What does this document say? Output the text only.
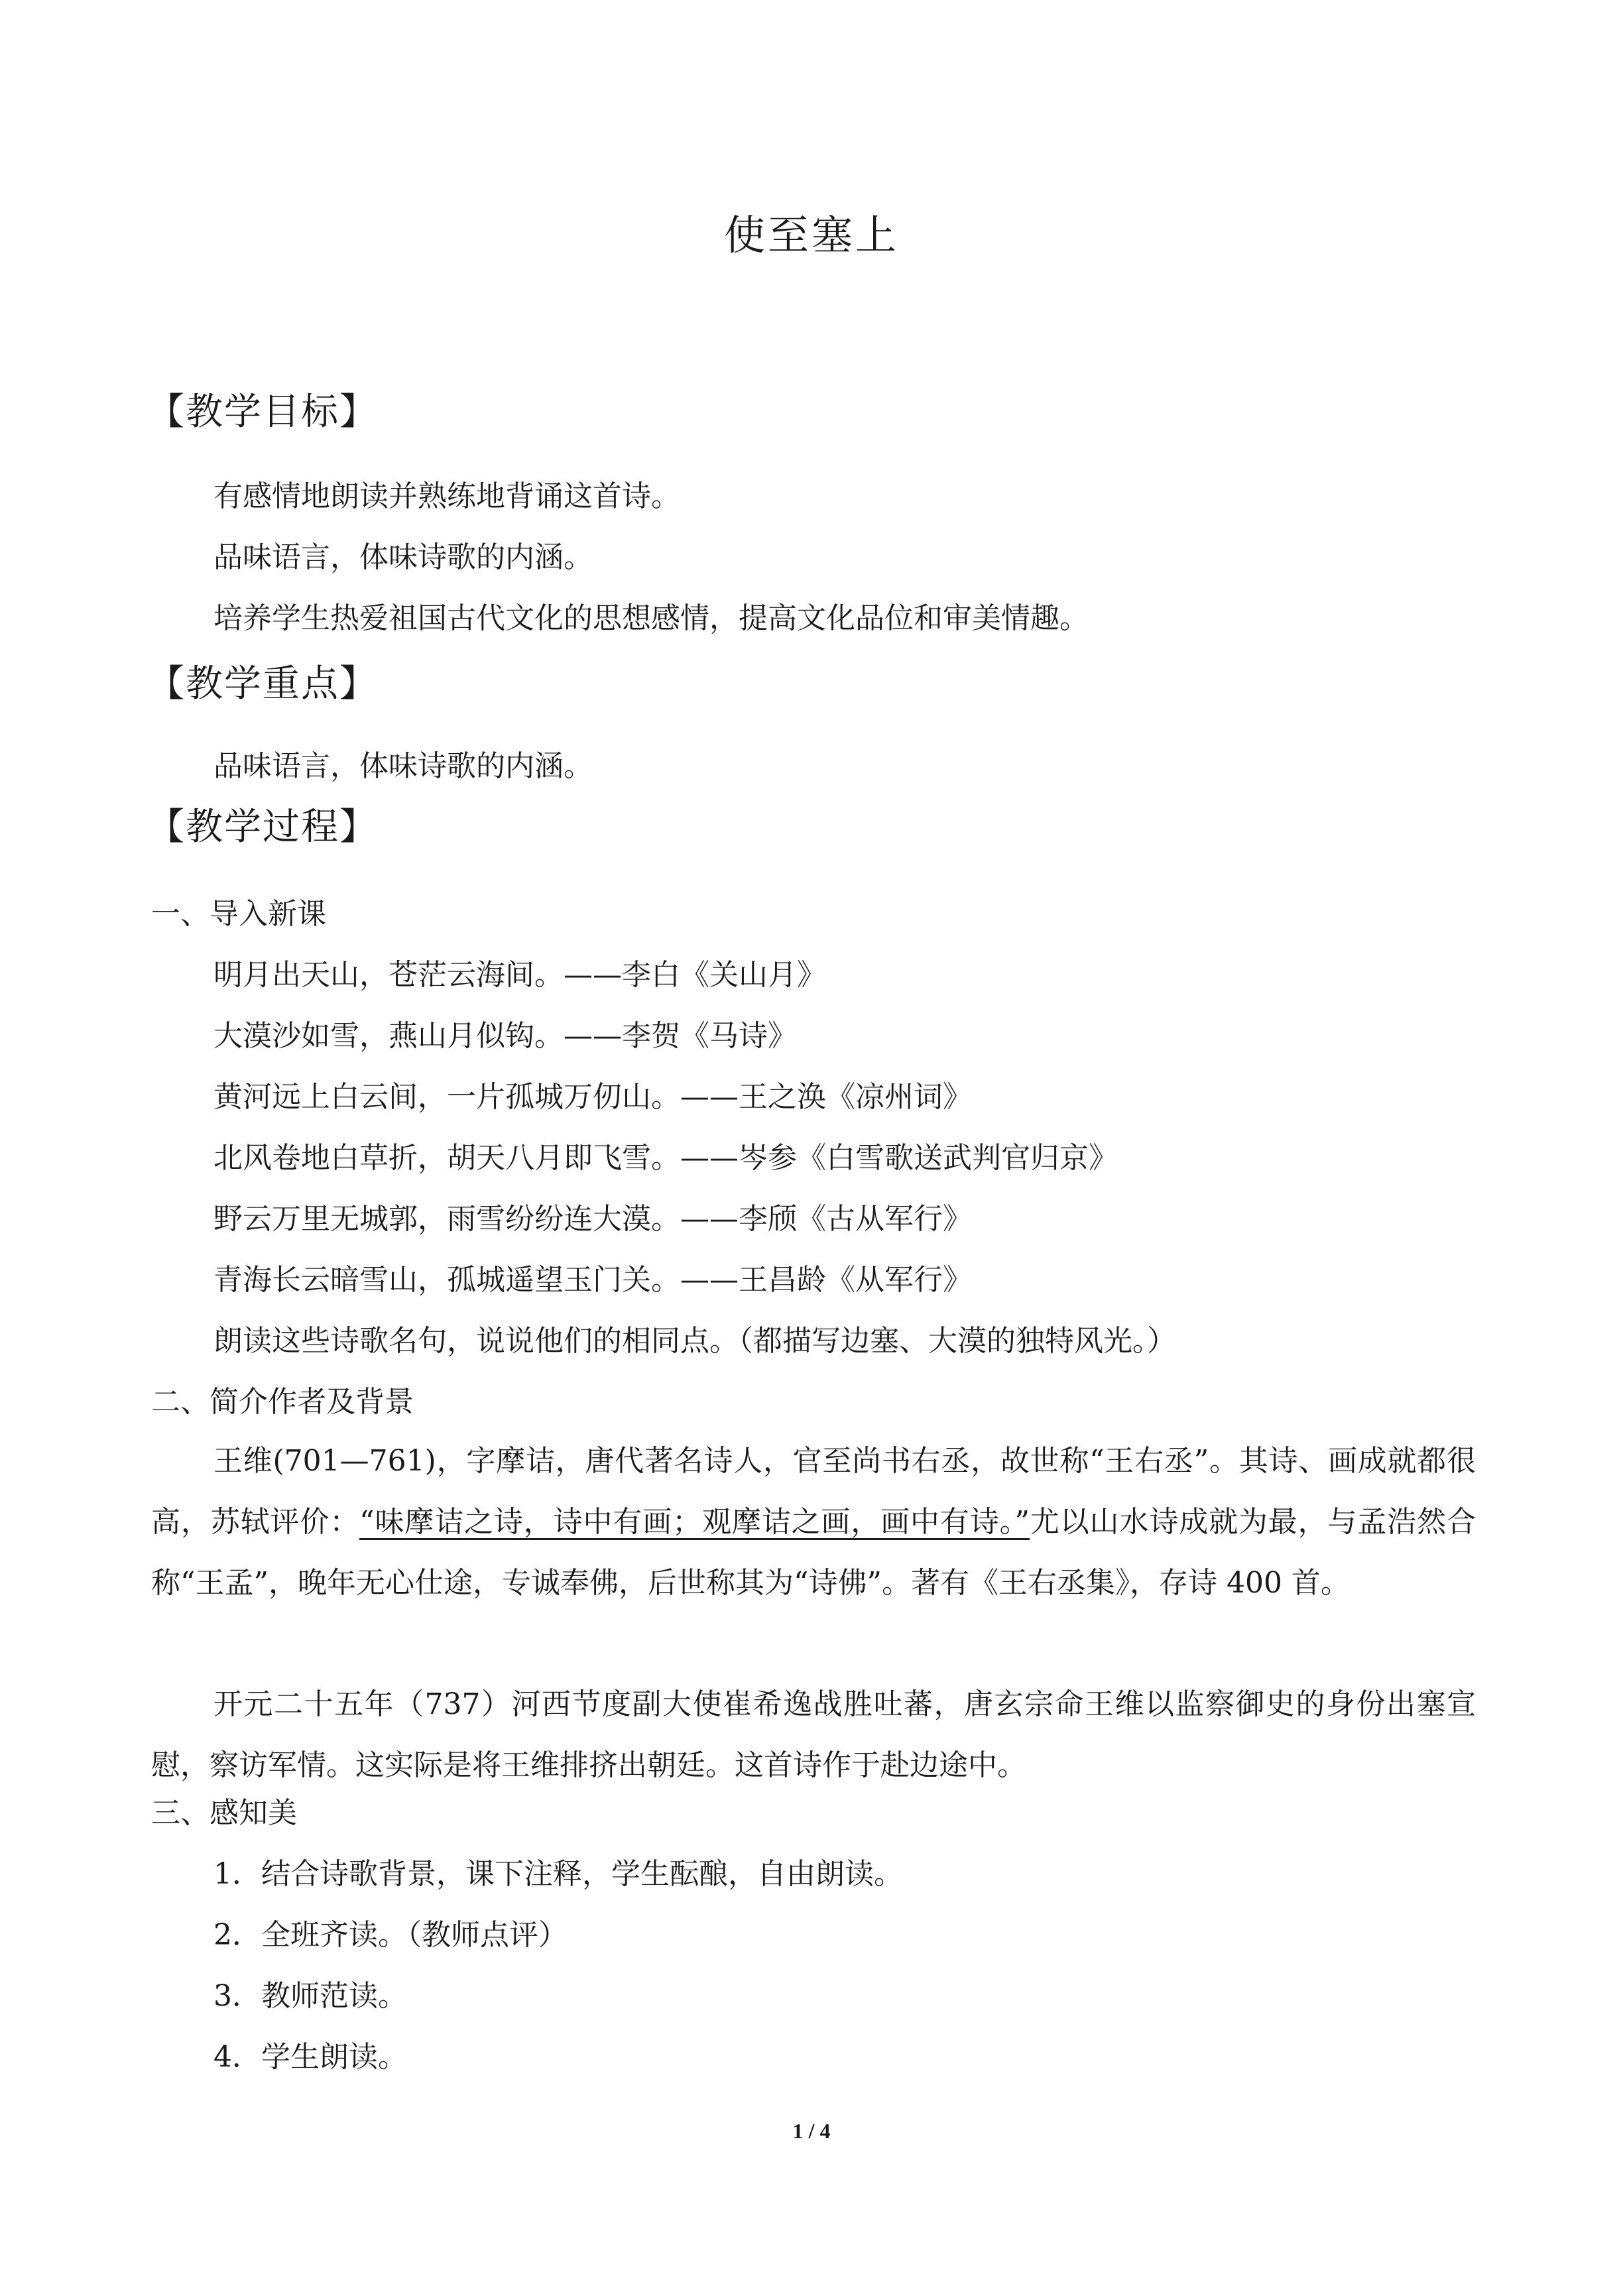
使至塞上
【教学目标】
有感情地朗读并熟练地背诵这首诗。
品味语言，体味诗歌的内涵。
培养学生热爱祖国古代文化的思想感情，提高文化品位和审美情趣。
【教学重点】
品味语言，体味诗歌的内涵。
【教学过程】
一、导入新课
明月出天山，苍茫云海间。——李白《关山月》
大漠沙如雪，燕山月似钩。——李贺《马诗》
黄河远上白云间，一片孤城万仞山。——王之涣《凉州词》
北风卷地白草折，胡天八月即飞雪。——岑参《白雪歌送武判官归京》
野云万里无城郭，雨雪纷纷连大漠。——李颀《古从军行》
青海长云暗雪山，孤城遥望玉门关。——王昌龄《从军行》
朗读这些诗歌名句，说说他们的相同点。（都描写边塞、大漠的独特风光。）
二、简介作者及背景
王维(701—761)，字摩诘，唐代著名诗人，官至尚书右丞，故世称“王右丞”。其诗、画成就都很高，苏轼评价：“味摩诘之诗，诗中有画；观摩诘之画，画中有诗。”尤以山水诗成就为最，与孟浩然合称“王孟”，晚年无心仕途，专诚奉佛，后世称其为“诗佛”。著有《王右丞集》，存诗 400 首。
开元二十五年（737）河西节度副大使崔希逸战胜吐蕃，唐玄宗命王维以监察御史的身份出塞宣慰，察访军情。这实际是将王维排挤出朝廷。这首诗作于赴边途中。
三、感知美
1．结合诗歌背景，课下注释，学生酝酿，自由朗读。
2．全班齐读。（教师点评）
3．教师范读。
4．学生朗读。
1 / 4
